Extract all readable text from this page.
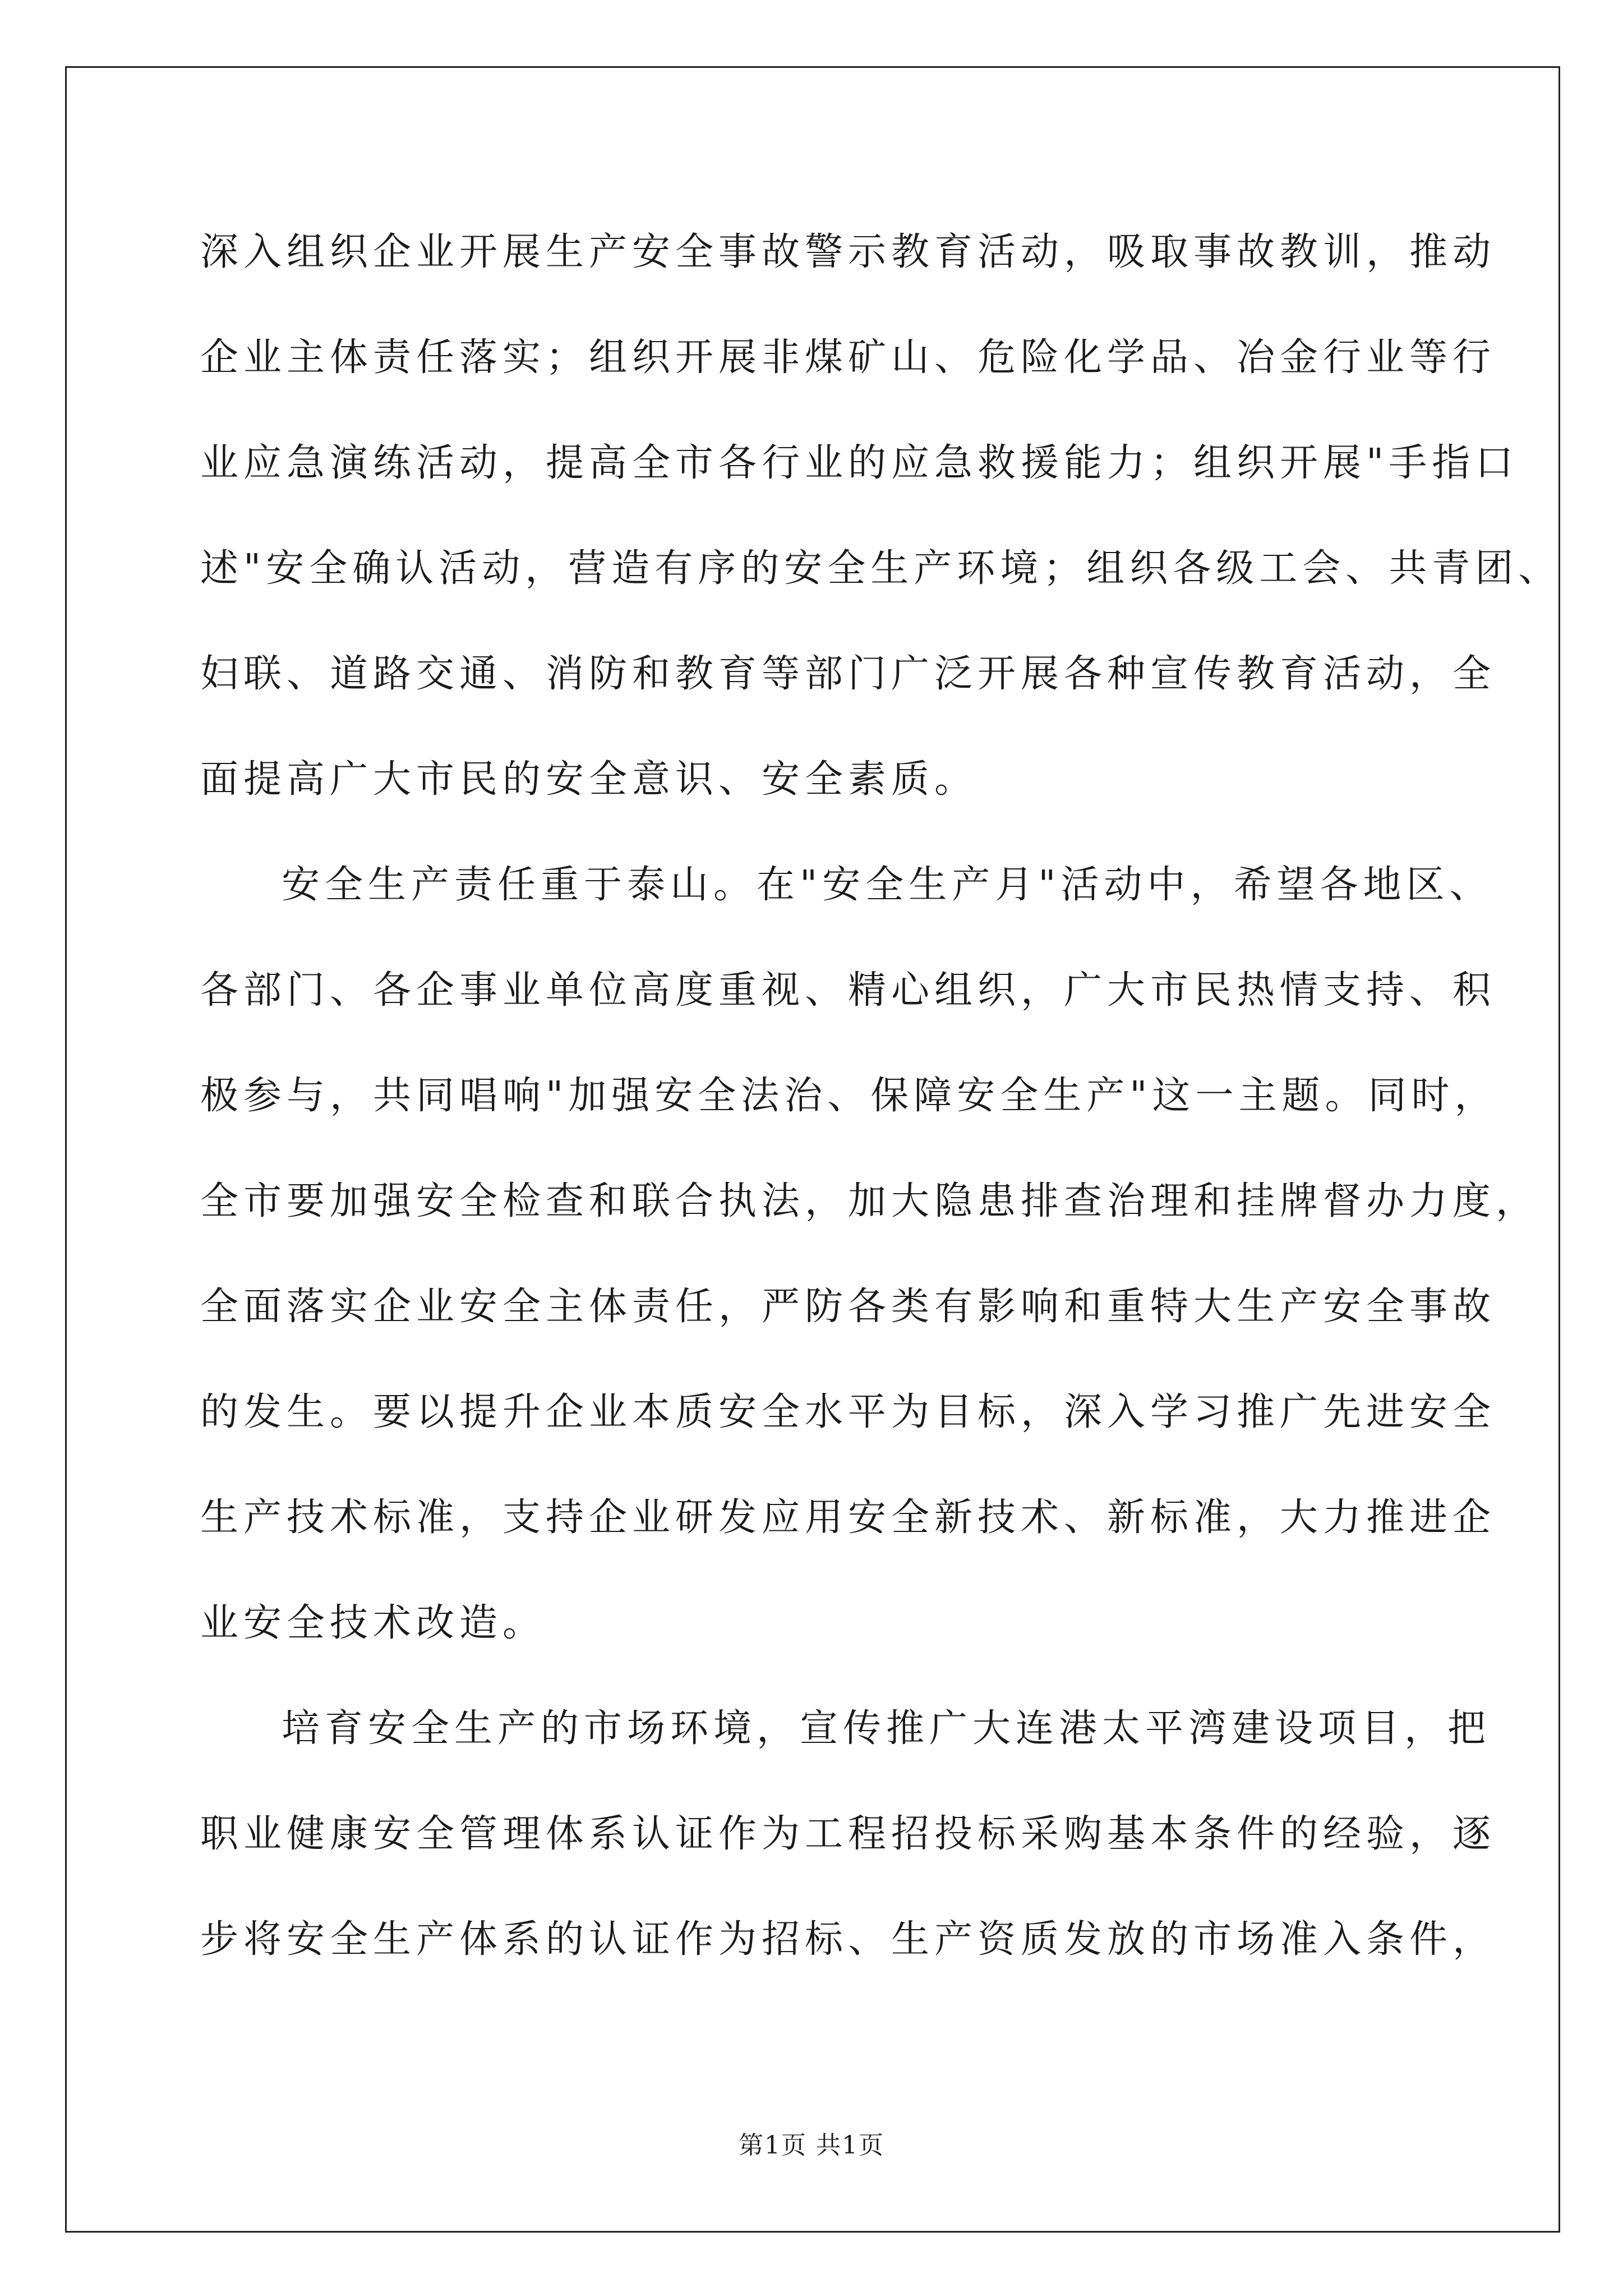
深入组织企业开展生产安全事故警示教育活动，吸取事故教训，推动
企业主体责任落实；组织开展非煤矿山、危险化学品、冶金行业等行
业应急演练活动，提高全市各行业的应急救援能力；组织开展"手指口
述"安全确认活动，营造有序的安全生产环境；组织各级工会、共青团、
妇联、道路交通、消防和教育等部门广泛开展各种宣传教育活动，全
面提高广大市民的安全意识、安全素质。
安全生产责任重于泰山。在"安全生产月"活动中，希望各地区、
各部门、各企事业单位高度重视、精心组织，广大市民热情支持、积
极参与，共同唱响"加强安全法治、保障安全生产"这一主题。同时，
全市要加强安全检查和联合执法，加大隐患排查治理和挂牌督办力度，
全面落实企业安全主体责任，严防各类有影响和重特大生产安全事故
的发生。要以提升企业本质安全水平为目标，深入学习推广先进安全
生产技术标准，支持企业研发应用安全新技术、新标准，大力推进企
业安全技术改造。
培育安全生产的市场环境，宣传推广大连港太平湾建设项目，把
职业健康安全管理体系认证作为工程招投标采购基本条件的经验，逐
步将安全生产体系的认证作为招标、生产资质发放的市场准入条件，
第1页 共1页
